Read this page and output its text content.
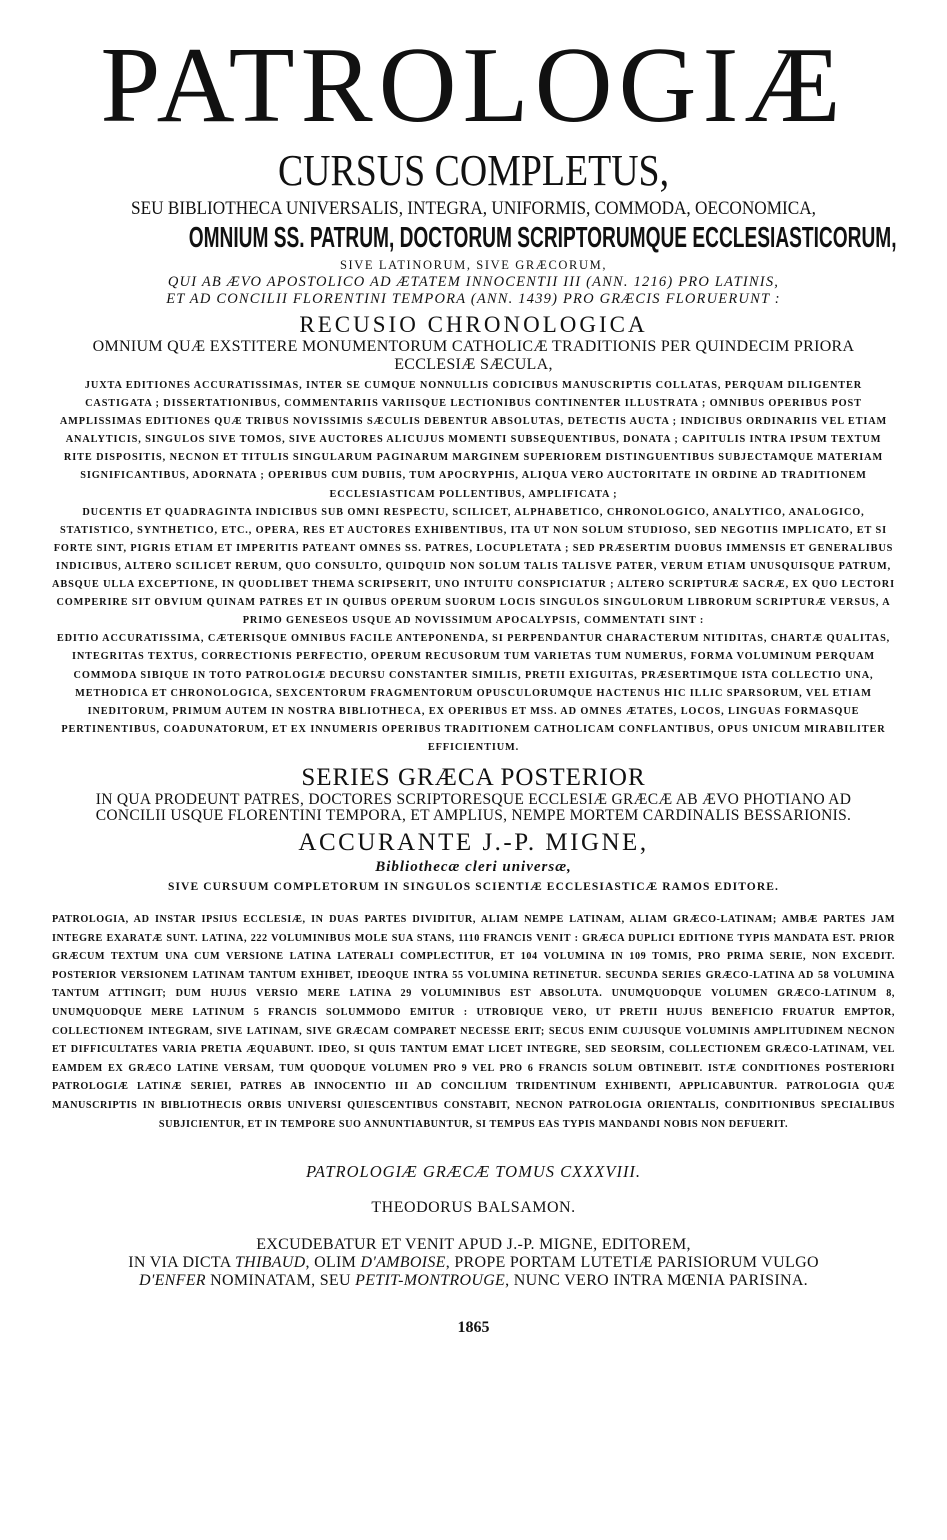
PATROLOGIÆ
CURSUS COMPLETUS,
SEU BIBLIOTHECA UNIVERSALIS, INTEGRA, UNIFORMIS, COMMODA, OECONOMICA,
OMNIUM SS. PATRUM, DOCTORUM SCRIPTORUMQUE ECCLESIASTICORUM,
SIVE LATINORUM, SIVE GRÆCORUM,
QUI AB ÆVO APOSTOLICO AD ÆTATEM INNOCENTII III (ANN. 1216) PRO LATINIS,
ET AD CONCILII FLORENTINI TEMPORA (ANN. 1439) PRO GRÆCIS FLORUERUNT :
RECUSIO CHRONOLOGICA
OMNIUM QUÆ EXSTITERE MONUMENTORUM CATHOLICÆ TRADITIONIS PER QUINDECIM PRIORA
ECCLESIÆ SÆCULA,
JUXTA EDITIONES ACCURATISSIMAS, INTER SE CUMQUE NONNULLIS CODICIBUS MANUSCRIPTIS COLLATAS, PERQUAM DILIGENTER CASTIGATA ; DISSERTATIONIBUS, COMMENTARIIS VARIISQUE LECTIONIBUS CONTINENTER ILLUSTRATA ; OMNIBUS OPERIBUS POST AMPLISSIMAS EDITIONES QUÆ TRIBUS NOVISSIMIS SÆCULIS DEBENTUR ABSOLUTAS, DETECTIS AUCTA ; INDICIBUS ORDINARIIS VEL ETIAM ANALYTICIS, SINGULOS SIVE TOMOS, SIVE AUCTORES ALICUJUS MOMENTI SUBSEQUENTIBUS, DONATA ; CAPITULIS INTRA IPSUM TEXTUM RITE DISPOSITIS, NECNON ET TITULIS SINGULARUM PAGINARUM MARGINEM SUPERIOREM DISTINGUENTIBUS SUBJECTAMQUE MATERIAM SIGNIFICANTIBUS, ADORNATA ; OPERIBUS CUM DUBIIS, TUM APOCRYPHIS, ALIQUA VERO AUCTORITATE IN ORDINE AD TRADITIONEM ECCLESIASTICAM POLLENTIBUS, AMPLIFICATA ;
DUCENTIS ET QUADRAGINTA INDICIBUS SUB OMNI RESPECTU, SCILICET, ALPHABETICO, CHRONOLOGICO, ANALYTICO, ANALOGICO, STATISTICO, SYNTHETICO, ETC., OPERA, RES ET AUCTORES EXHIBENTIBUS, ITA UT NON SOLUM STUDIOSO, SED NEGOTIIS IMPLICATO, ET SI FORTE SINT, PIGRIS ETIAM ET IMPERITIS PATEANT OMNES SS. PATRES, LOCUPLETATA ; SED PRÆSERTIM DUOBUS IMMENSIS ET GENERALIBUS INDICIBUS, ALTERO SCILICET RERUM, QUO CONSULTO, QUIDQUID NON SOLUM TALIS TALISVE PATER, VERUM ETIAM UNUSQUISQUE PATRUM, ABSQUE ULLA EXCEPTIONE, IN QUODLIBET THEMA SCRIPSERIT, UNO INTUITU CONSPICIATUR ; ALTERO SCRIPTURÆ SACRÆ, EX QUO LECTORI COMPERIRE SIT OBVIUM QUINAM PATRES ET IN QUIBUS OPERUM SUORUM LOCIS SINGULOS SINGULORUM LIBRORUM SCRIPTURÆ VERSUS, A PRIMO GENESEOS USQUE AD NOVISSIMUM APOCALYPSIS, COMMENTATI SINT :
EDITIO ACCURATISSIMA, CÆTERISQUE OMNIBUS FACILE ANTEPONENDA, SI PERPENDANTUR CHARACTERUM NITIDITAS, CHARTÆ QUALITAS, INTEGRITAS TEXTUS, CORRECTIONIS PERFECTIO, OPERUM RECUSORUM TUM VARIETAS TUM NUMERUS, FORMA VOLUMINUM PERQUAM COMMODA SIBIQUE IN TOTO PATROLOGIÆ DECURSU CONSTANTER SIMILIS, PRETII EXIGUITAS, PRÆSERTIMQUE ISTA COLLECTIO UNA, METHODICA ET CHRONOLOGICA, SEXCENTORUM FRAGMENTORUM OPUSCULORUMQUE HACTENUS HIC ILLIC SPARSORUM, VEL ETIAM INEDITORUM, PRIMUM AUTEM IN NOSTRA BIBLIOTHECA, EX OPERIBUS ET MSS. AD OMNES ÆTATES, LOCOS, LINGUAS FORMASQUE PERTINENTIBUS, COADUNATORUM, ET EX INNUMERIS OPERIBUS TRADITIONEM CATHOLICAM CONFLANTIBUS, OPUS UNICUM MIRABILITER EFFICIENTIUM.
SERIES GRÆCA POSTERIOR
IN QUA PRODEUNT PATRES, DOCTORES SCRIPTORESQUE ECCLESIÆ GRÆCÆ AB ÆVO PHOTIANO AD
CONCILII USQUE FLORENTINI TEMPORA, ET AMPLIUS, NEMPE MORTEM CARDINALIS BESSARIONIS.
ACCURANTE J.-P. MIGNE,
Bibliothecæ cleri universæ,
SIVE CURSUUM COMPLETORUM IN SINGULOS SCIENTIÆ ECCLESIASTICÆ RAMOS EDITORE.
PATROLOGIA, AD INSTAR IPSIUS ECCLESIÆ, IN DUAS PARTES DIVIDITUR, ALIAM NEMPE LATINAM, ALIAM GRÆCO-LATINAM; AMBÆ PARTES JAM INTEGRE EXARATÆ SUNT. LATINA, 222 VOLUMINIBUS MOLE SUA STANS, 1110 FRANCIS VENIT : GRÆCA DUPLICI EDITIONE TYPIS MANDATA EST. PRIOR GRÆCUM TEXTUM UNA CUM VERSIONE LATINA LATERALI COMPLECTITUR, ET 104 VOLUMINA IN 109 TOMIS, PRO PRIMA SERIE, NON EXCEDIT. POSTERIOR VERSIONEM LATINAM TANTUM EXHIBET, IDEOQUE INTRA 55 VOLUMINA RETINETUR. SECUNDA SERIES GRÆCO-LATINA AD 58 VOLUMINA TANTUM ATTINGIT; DUM HUJUS VERSIO MERE LATINA 29 VOLUMINIBUS EST ABSOLUTA. UNUMQUODQUE VOLUMEN GRÆCO-LATINUM 8, UNUMQUODQUE MERE LATINUM 5 FRANCIS SOLUMMODO EMITUR : UTROBIQUE VERO, UT PRETII HUJUS BENEFICIO FRUATUR EMPTOR, COLLECTIONEM INTEGRAM, SIVE LATINAM, SIVE GRÆCAM COMPARET NECESSE ERIT; SECUS ENIM CUJUSQUE VOLUMINIS AMPLITUDINEM NECNON ET DIFFICULTATES VARIA PRETIA ÆQUABUNT. IDEO, SI QUIS TANTUM EMAT LICET INTEGRE, SED SEORSIM, COLLECTIONEM GRÆCO-LATINAM, VEL EAMDEM EX GRÆCO LATINE VERSAM, TUM QUODQUE VOLUMEN PRO 9 VEL PRO 6 FRANCIS SOLUM OBTINEBIT. ISTÆ CONDITIONES POSTERIORI PATROLOGIÆ LATINÆ SERIEI, PATRES AB INNOCENTIO III AD CONCILIUM TRIDENTINUM EXHIBENTI, APPLICABUNTUR. PATROLOGIA QUÆ MANUSCRIPTIS IN BIBLIOTHECIS ORBIS UNIVERSI QUIESCENTIBUS CONSTABIT, NECNON PATROLOGIA ORIENTALIS, CONDITIONIBUS SPECIALIBUS SUBJICIENTUR, ET IN TEMPORE SUO ANNUNTIABUNTUR, SI TEMPUS EAS TYPIS MANDANDI NOBIS NON DEFUERIT.
PATROLOGIÆ GRÆCÆ TOMUS CXXXVIII.
THEODORUS BALSAMON.
EXCUDEBATUR ET VENIT APUD J.-P. MIGNE, EDITOREM,
IN VIA DICTA THIBAUD, OLIM D'AMBOISE, PROPE PORTAM LUTETIÆ PARISIORUM VULGO
D'ENFER NOMINATAM, SEU PETIT-MONTROUGE, NUNC VERO INTRA MŒNIA PARISINA.
1865
